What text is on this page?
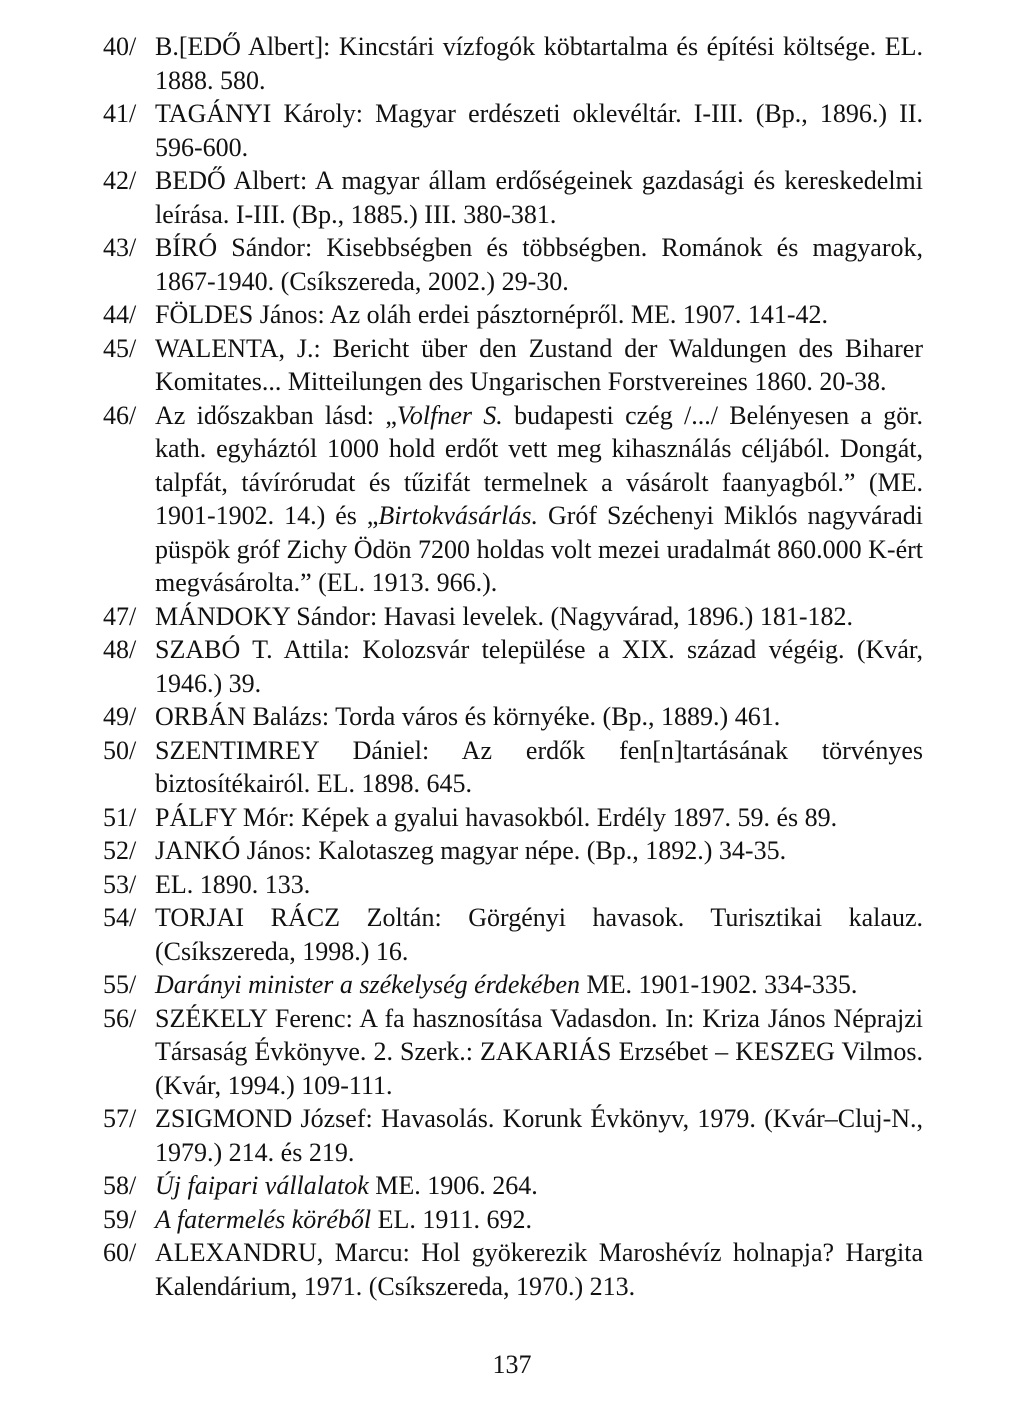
40/ B.[EDŐ Albert]: Kincstári vízfogók köbtartalma és építési költsége. EL. 1888. 580.
41/ TAGÁNYI Károly: Magyar erdészeti oklevéltár. I-III. (Bp., 1896.) II. 596-600.
42/ BEDŐ Albert: A magyar állam erdőségeinek gazdasági és kereskedelmi leírása. I-III. (Bp., 1885.) III. 380-381.
43/ BÍRÓ Sándor: Kisebbségben és többségben. Románok és magyarok, 1867-1940. (Csíkszereda, 2002.) 29-30.
44/ FÖLDES János: Az oláh erdei pásztornépről. ME. 1907. 141-42.
45/ WALENTA, J.: Bericht über den Zustand der Waldungen des Biharer Komitates... Mitteilungen des Ungarischen Forstvereines 1860. 20-38.
46/ Az időszakban lásd: „Volfner S. budapesti czég /.../ Belényesen a gör. kath. egyháztól 1000 hold erdőt vett meg kihasználás céljából. Dongát, talpfát, távírórudat és tűzifát termelnek a vásárolt faanyagból.” (ME. 1901-1902. 14.) és „Birtokvásárlás. Gróf Széchenyi Miklós nagyváradi püspök gróf Zichy Ödön 7200 holdas volt mezei uradalmát 860.000 K-ért megvásárolta.” (EL. 1913. 966.).
47/ MÁNDOKY Sándor: Havasi levelek. (Nagyvárad, 1896.) 181-182.
48/ SZABÓ T. Attila: Kolozsvár települése a XIX. század végéig. (Kvár, 1946.) 39.
49/ ORBÁN Balázs: Torda város és környéke. (Bp., 1889.) 461.
50/ SZENTIMREY Dániel: Az erdők fen[n]tartásának törvényes biztosítékairól. EL. 1898. 645.
51/ PÁLFY Mór: Képek a gyalui havasokból. Erdély 1897. 59. és 89.
52/ JANKÓ János: Kalotaszeg magyar népe. (Bp., 1892.) 34-35.
53/ EL. 1890. 133.
54/ TORJAI RÁCZ Zoltán: Görgényi havasok. Turisztikai kalauz. (Csíkszereda, 1998.) 16.
55/ Darányi minister a székelység érdekében ME. 1901-1902. 334-335.
56/ SZÉKELY Ferenc: A fa hasznosítása Vadasdon. In: Kriza János Néprajzi Társaság Évkönyve. 2. Szerk.: ZAKARIÁS Erzsébet – KESZEG Vilmos. (Kvár, 1994.) 109-111.
57/ ZSIGMOND József: Havasolás. Korunk Évkönyv, 1979. (Kvár–Cluj-N., 1979.) 214. és 219.
58/ Új faipari vállalatok ME. 1906. 264.
59/ A fatermelés köréből EL. 1911. 692.
60/ ALEXANDRU, Marcu: Hol gyökerezik Maroshévíz holnapja? Hargita Kalendárium, 1971. (Csíkszereda, 1970.) 213.
137
